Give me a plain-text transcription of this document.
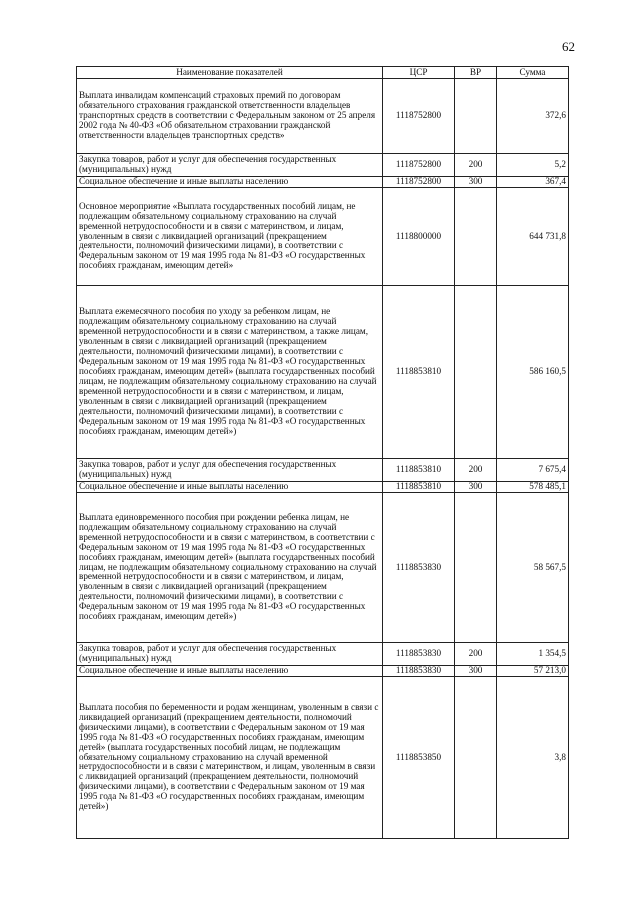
62
Наименование показателей	ЦСР	ВР	Сумма
Выплата инвалидам компенсаций страховых премий по договорам обязательного страхования гражданской ответственности владельцев транспортных средств в соответствии с Федеральным законом от 25 апреля 2002 года № 40-ФЗ «Об обязательном страховании гражданской ответственности владельцев транспортных средств»	1118752800		372,6
Закупка товаров, работ и услуг для обеспечения государственных (муниципальных) нужд	1118752800	200	5,2
Социальное обеспечение и иные выплаты населению	1118752800	300	367,4
Основное мероприятие «Выплата государственных пособий лицам, не подлежащим обязательному социальному страхованию на случай временной нетрудоспособности и в связи с материнством, и лицам, уволенным в связи с ликвидацией организаций (прекращением деятельности, полномочий физическими лицами), в соответствии с Федеральным законом от 19 мая 1995 года № 81-ФЗ «О государственных пособиях гражданам, имеющим детей»	1118800000		644 731,8
Выплата ежемесячного пособия по уходу за ребенком лицам, не подлежащим обязательному социальному страхованию на случай временной нетрудоспособности и в связи с материнством, а также лицам, уволенным в связи с ликвидацией организаций (прекращением деятельности, полномочий физическими лицами), в соответствии с Федеральным законом от 19 мая 1995 года № 81-ФЗ «О государственных пособиях гражданам, имеющим детей» (выплата государственных пособий лицам, не подлежащим обязательному социальному страхованию на случай временной нетрудоспособности и в связи с материнством, и лицам, уволенным в связи с ликвидацией организаций (прекращением деятельности, полномочий физическими лицами), в соответствии с Федеральным законом от 19 мая 1995 года № 81-ФЗ «О государственных пособиях гражданам, имеющим детей»)	1118853810		586 160,5
Закупка товаров, работ и услуг для обеспечения государственных (муниципальных) нужд	1118853810	200	7 675,4
Социальное обеспечение и иные выплаты населению	1118853810	300	578 485,1
Выплата единовременного пособия при рождении ребенка лицам, не подлежащим обязательному социальному страхованию на случай временной нетрудоспособности и в связи с материнством, в соответствии с Федеральным законом от 19 мая 1995 года № 81-ФЗ «О государственных пособиях гражданам, имеющим детей» (выплата государственных пособий лицам, не подлежащим обязательному социальному страхованию на случай временной нетрудоспособности и в связи с материнством, и лицам, уволенным в связи с ликвидацией организаций (прекращением деятельности, полномочий физическими лицами), в соответствии с Федеральным законом от 19 мая 1995 года № 81-ФЗ «О государственных пособиях гражданам, имеющим детей»)	1118853830		58 567,5
Закупка товаров, работ и услуг для обеспечения государственных (муниципальных) нужд	1118853830	200	1 354,5
Социальное обеспечение и иные выплаты населению	1118853830	300	57 213,0
Выплата пособия по беременности и родам женщинам, уволенным в связи с ликвидацией организаций (прекращением деятельности, полномочий физическими лицами), в соответствии с Федеральным законом от 19 мая 1995 года № 81-ФЗ «О государственных пособиях гражданам, имеющим детей» (выплата государственных пособий лицам, не подлежащим обязательному социальному страхованию на случай временной нетрудоспособности и в связи с материнством, и лицам, уволенным в связи с ликвидацией организаций (прекращением деятельности, полномочий физическими лицами), в соответствии с Федеральным законом от 19 мая 1995 года № 81-ФЗ «О государственных пособиях гражданам, имеющим детей»)	1118853850		3,8
